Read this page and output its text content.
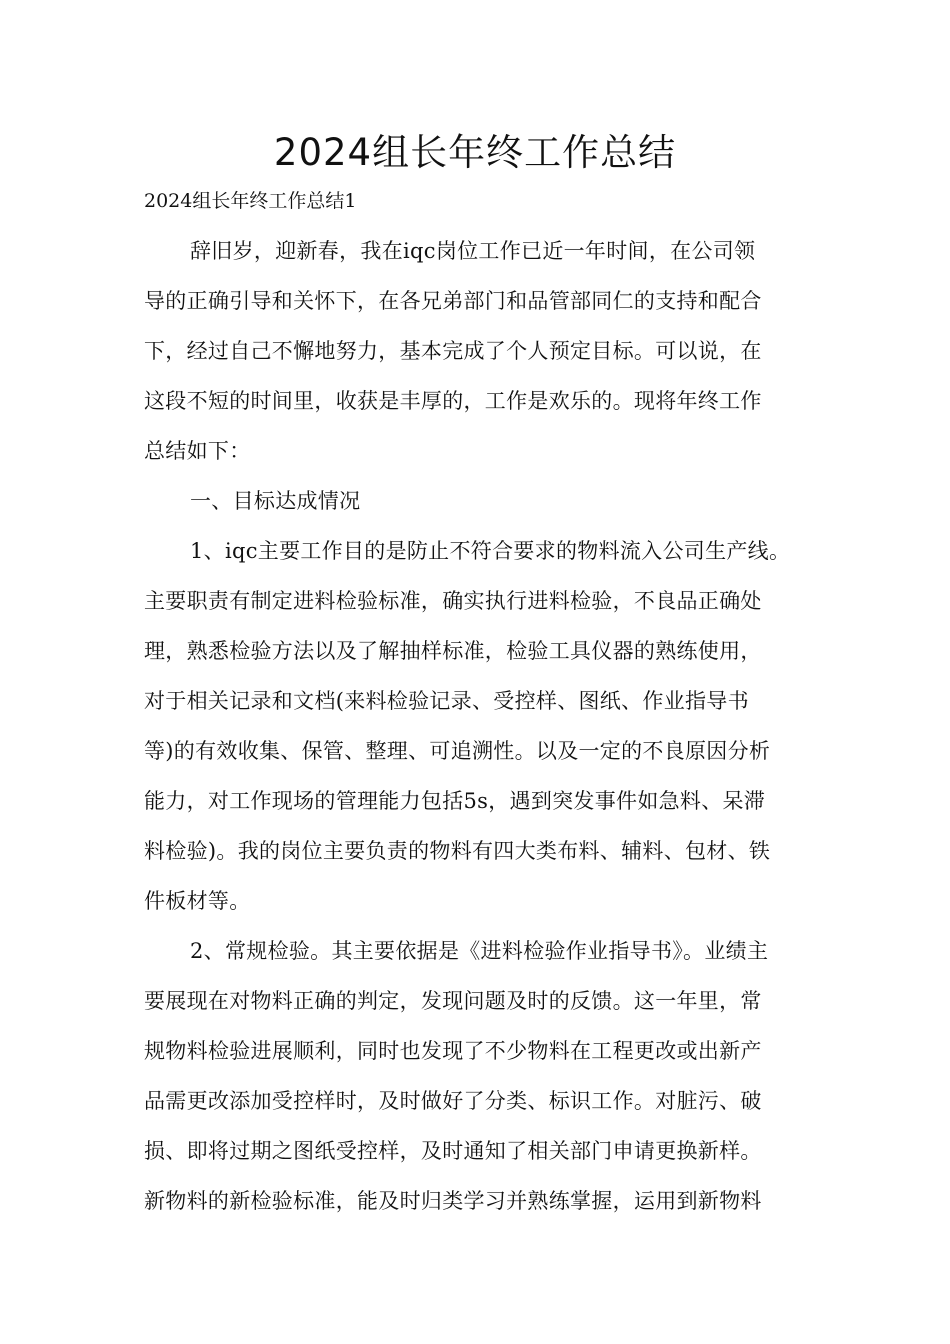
2024组长年终工作总结

2024组长年终工作总结1

辞旧岁，迎新春，我在iqc岗位工作已近一年时间，在公司领
导的正确引导和关怀下，在各兄弟部门和品管部同仁的支持和配合
下，经过自己不懈地努力，基本完成了个人预定目标。可以说，在
这段不短的时间里，收获是丰厚的，工作是欢乐的。现将年终工作
总结如下：
一、目标达成情况
1、iqc主要工作目的是防止不符合要求的物料流入公司生产线。
主要职责有制定进料检验标准，确实执行进料检验，不良品正确处
理，熟悉检验方法以及了解抽样标准，检验工具仪器的熟练使用，
对于相关记录和文档(来料检验记录、受控样、图纸、作业指导书
等)的有效收集、保管、整理、可追溯性。以及一定的不良原因分析
能力，对工作现场的管理能力包括5s，遇到突发事件如急料、呆滞
料检验)。我的岗位主要负责的物料有四大类布料、辅料、包材、铁
件板材等。
2、常规检验。其主要依据是《进料检验作业指导书》。业绩主
要展现在对物料正确的判定，发现问题及时的反馈。这一年里，常
规物料检验进展顺利，同时也发现了不少物料在工程更改或出新产
品需更改添加受控样时，及时做好了分类、标识工作。对脏污、破
损、即将过期之图纸受控样，及时通知了相关部门申请更换新样。
新物料的新检验标准，能及时归类学习并熟练掌握，运用到新物料
